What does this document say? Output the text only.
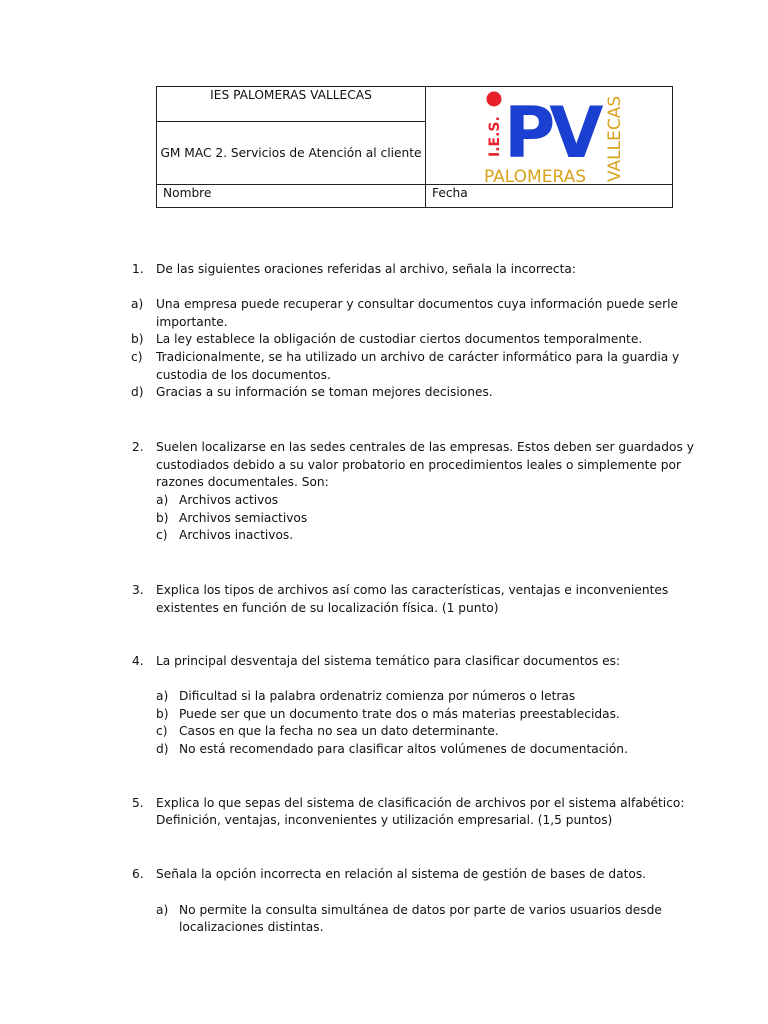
IES PALOMERAS VALLECAS	I.E.S. PV
PALOMERAS VALLECAS

GM MAC 2. Servicios de Atención al cliente	

Nombre	Fecha
1. De las siguientes oraciones referidas al archivo, señala la incorrecta:
a) Una empresa puede recuperar y consultar documentos cuya información puede serle
importante.
b) La ley establece la obligación de custodiar ciertos documentos temporalmente.
c) Tradicionalmente, se ha utilizado un archivo de carácter informático para la guardia y
custodia de los documentos.
d) Gracias a su información se toman mejores decisiones.
2. Suelen localizarse en las sedes centrales de las empresas. Estos deben ser guardados y
custodiados debido a su valor probatorio en procedimientos leales o simplemente por
razones documentales. Son:
a) Archivos activos
b) Archivos semiactivos
c) Archivos inactivos.
3. Explica los tipos de archivos así como las características, ventajas e inconvenientes
existentes en función de su localización física. (1 punto)
4. La principal desventaja del sistema temático para clasificar documentos es:
a) Dificultad si la palabra ordenatriz comienza por números o letras
b) Puede ser que un documento trate dos o más materias preestablecidas.
c) Casos en que la fecha no sea un dato determinante.
d) No está recomendado para clasificar altos volúmenes de documentación.
5. Explica lo que sepas del sistema de clasificación de archivos por el sistema alfabético:
Definición, ventajas, inconvenientes y utilización empresarial. (1,5 puntos)
6. Señala la opción incorrecta en relación al sistema de gestión de bases de datos.
a) No permite la consulta simultánea de datos por parte de varios usuarios desde
localizaciones distintas.
